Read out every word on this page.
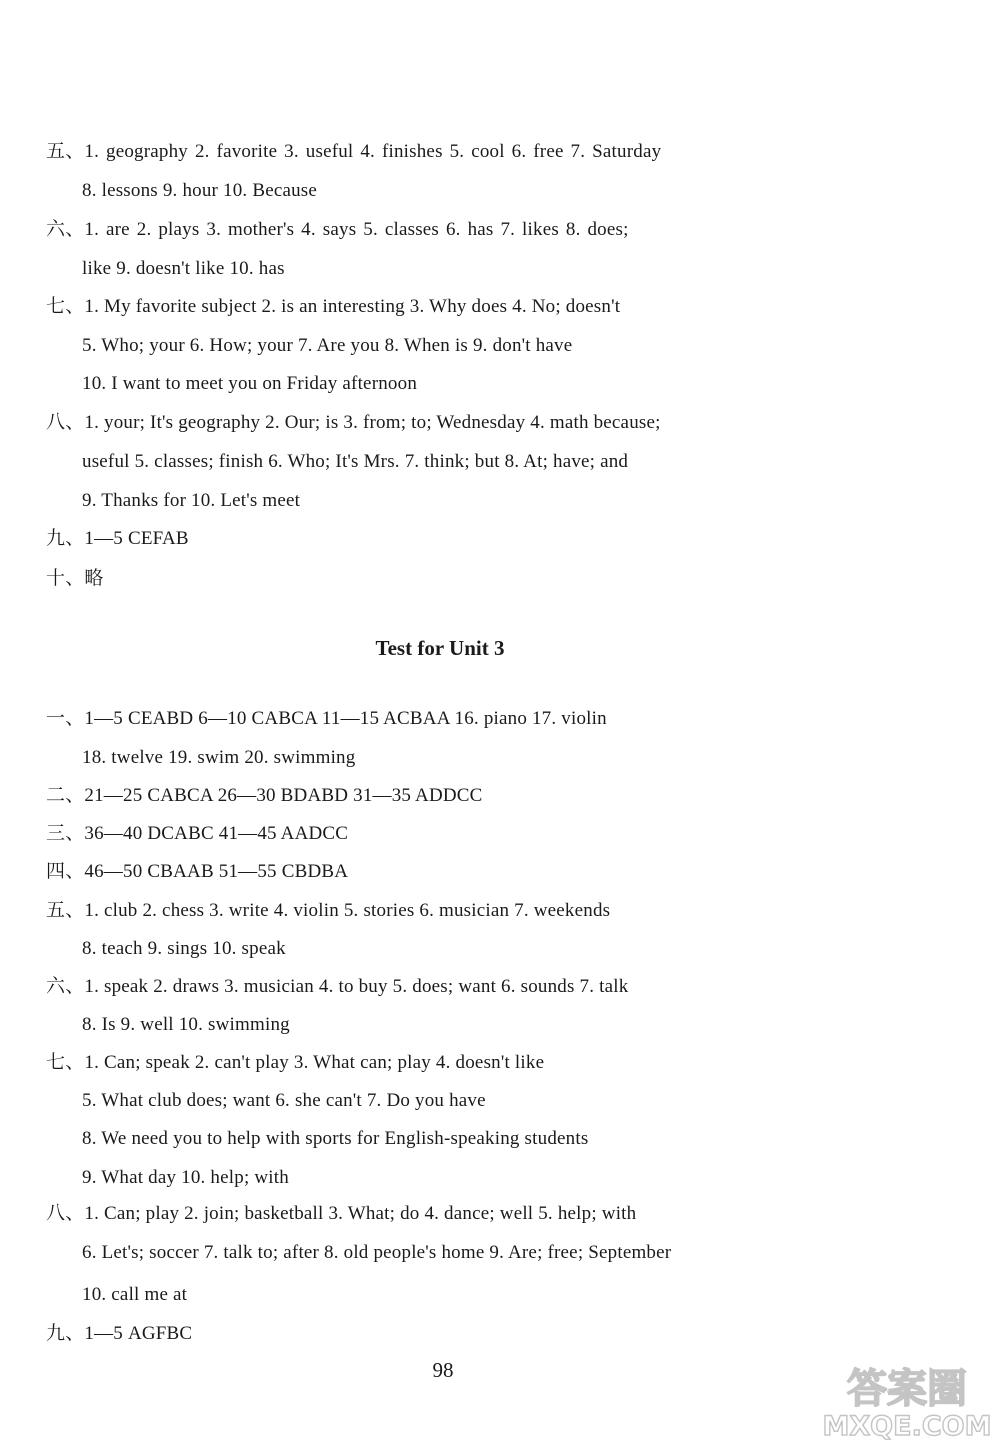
五、1. geography 2. favorite 3. useful 4. finishes 5. cool 6. free 7. Saturday
8. lessons 9. hour 10. Because
六、1. are 2. plays 3. mother's 4. says 5. classes 6. has 7. likes 8. does;
like 9. doesn't like 10. has
七、1. My favorite subject 2. is an interesting 3. Why does 4. No; doesn't
5. Who; your 6. How; your 7. Are you 8. When is 9. don't have
10. I want to meet you on Friday afternoon
八、1. your; It's geography 2. Our; is 3. from; to; Wednesday 4. math because;
useful 5. classes; finish 6. Who; It's Mrs. 7. think; but 8. At; have; and
9. Thanks for 10. Let's meet
九、1—5 CEFAB
十、略
Test for Unit 3
一、1—5 CEABD 6—10 CABCA 11—15 ACBAA 16. piano 17. violin
18. twelve 19. swim 20. swimming
二、21—25 CABCA 26—30 BDABD 31—35 ADDCC
三、36—40 DCABC 41—45 AADCC
四、46—50 CBAAB 51—55 CBDBA
五、1. club 2. chess 3. write 4. violin 5. stories 6. musician 7. weekends
8. teach 9. sings 10. speak
六、1. speak 2. draws 3. musician 4. to buy 5. does; want 6. sounds 7. talk
8. Is 9. well 10. swimming
七、1. Can; speak 2. can't play 3. What can; play 4. doesn't like
5. What club does; want 6. she can't 7. Do you have
8. We need you to help with sports for English-speaking students
9. What day 10. help; with
八、1. Can; play 2. join; basketball 3. What; do 4. dance; well 5. help; with
6. Let's; soccer 7. talk to; after 8. old people's home 9. Are; free; September
10. call me at
九、1—5 AGFBC
98	答案圈
MXQE.COM
